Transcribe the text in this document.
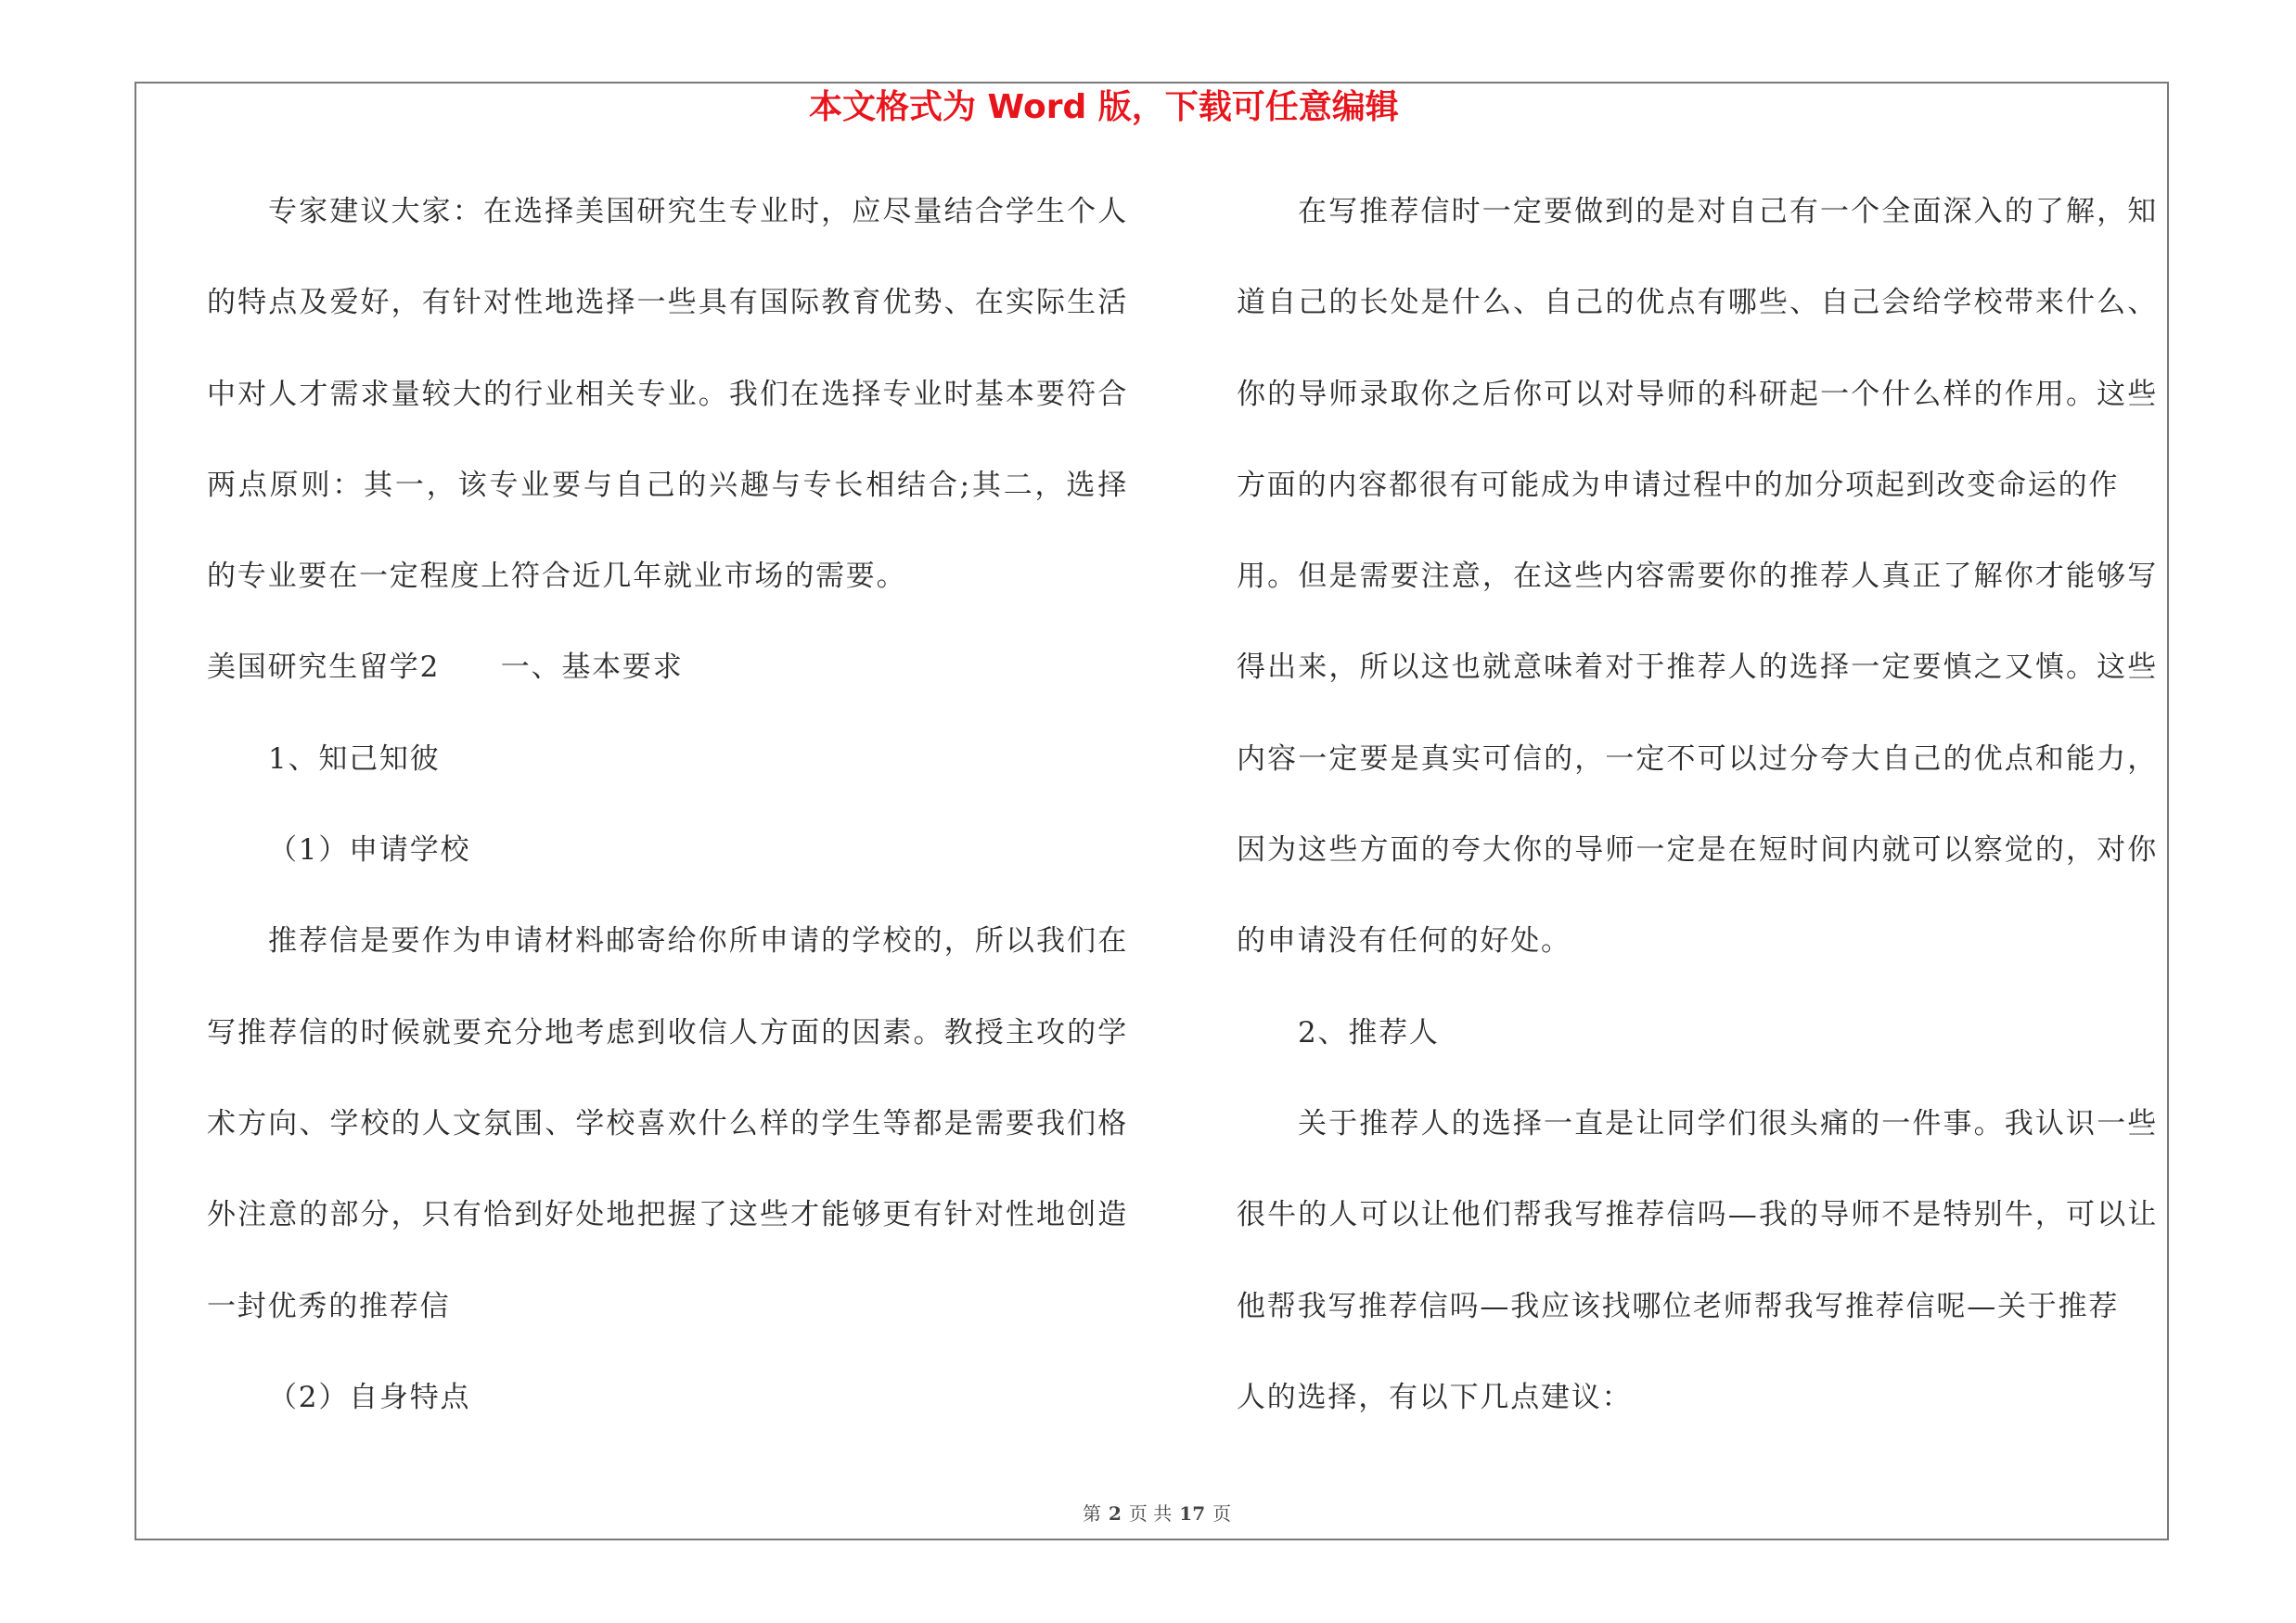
本文格式为 Word 版，下载可任意编辑
专家建议大家：在选择美国研究生专业时，应尽量结合学生个人
的特点及爱好，有针对性地选择一些具有国际教育优势、在实际生活
中对人才需求量较大的行业相关专业。我们在选择专业时基本要符合
两点原则：其一，该专业要与自己的兴趣与专长相结合;其二，选择
的专业要在一定程度上符合近几年就业市场的需要。
美国研究生留学2　　一、基本要求
1、知己知彼
（1）申请学校
推荐信是要作为申请材料邮寄给你所申请的学校的，所以我们在
写推荐信的时候就要充分地考虑到收信人方面的因素。教授主攻的学
术方向、学校的人文氛围、学校喜欢什么样的学生等都是需要我们格
外注意的部分，只有恰到好处地把握了这些才能够更有针对性地创造
一封优秀的推荐信
（2）自身特点
在写推荐信时一定要做到的是对自己有一个全面深入的了解，知
道自己的长处是什么、自己的优点有哪些、自己会给学校带来什么、
你的导师录取你之后你可以对导师的科研起一个什么样的作用。这些
方面的内容都很有可能成为申请过程中的加分项起到改变命运的作
用。但是需要注意，在这些内容需要你的推荐人真正了解你才能够写
得出来，所以这也就意味着对于推荐人的选择一定要慎之又慎。这些
内容一定要是真实可信的，一定不可以过分夸大自己的优点和能力，
因为这些方面的夸大你的导师一定是在短时间内就可以察觉的，对你
的申请没有任何的好处。
2、推荐人
关于推荐人的选择一直是让同学们很头痛的一件事。我认识一些
很牛的人可以让他们帮我写推荐信吗—我的导师不是特别牛，可以让
他帮我写推荐信吗—我应该找哪位老师帮我写推荐信呢—关于推荐
人的选择，有以下几点建议：
第 2 页 共 17 页
